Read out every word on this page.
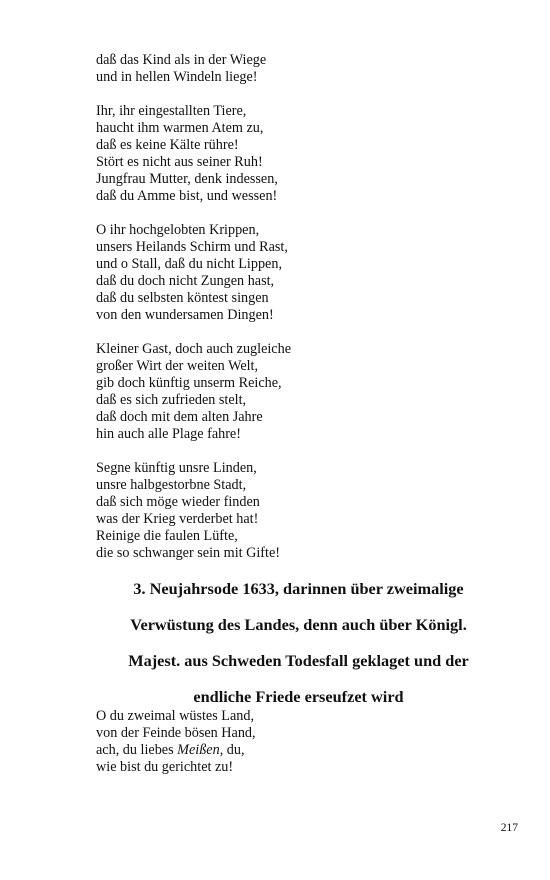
daß das Kind als in der Wiege
und in hellen Windeln liege!
Ihr, ihr eingestallten Tiere,
haucht ihm warmen Atem zu,
daß es keine Kälte rühre!
Stört es nicht aus seiner Ruh!
Jungfrau Mutter, denk indessen,
daß du Amme bist, und wessen!
O ihr hochgelobten Krippen,
unsers Heilands Schirm und Rast,
und o Stall, daß du nicht Lippen,
daß du doch nicht Zungen hast,
daß du selbsten köntest singen
von den wundersamen Dingen!
Kleiner Gast, doch auch zugleiche
großer Wirt der weiten Welt,
gib doch künftig unserm Reiche,
daß es sich zufrieden stelt,
daß doch mit dem alten Jahre
hin auch alle Plage fahre!
Segne künftig unsre Linden,
unsre halbgestorbne Stadt,
daß sich möge wieder finden
was der Krieg verderbet hat!
Reinige die faulen Lüfte,
die so schwanger sein mit Gifte!
3. Neujahrsode 1633, darinnen über zweimalige
Verwüstung des Landes, denn auch über Königl.
Majest. aus Schweden Todesfall geklaget und der
endliche Friede erseufzet wird
O du zweimal wüstes Land,
von der Feinde bösen Hand,
ach, du liebes Meißen, du,
wie bist du gerichtet zu!
217
